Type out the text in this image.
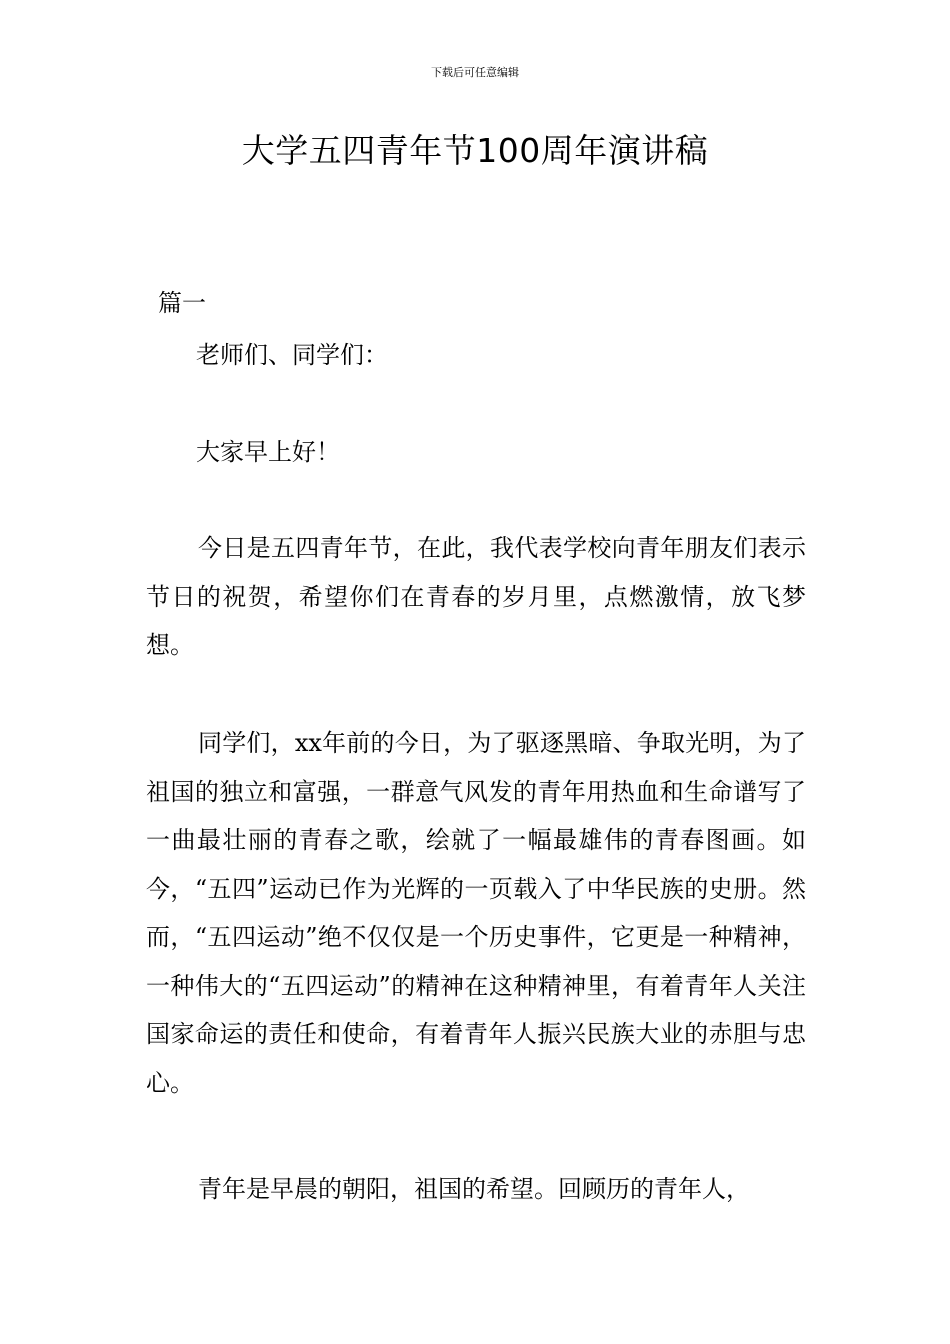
下载后可任意编辑
大学五四青年节100周年演讲稿
篇一
老师们、同学们：
大家早上好！

今日是五四青年节，在此，我代表学校向青年朋友们表示节日的祝贺，希望你们在青春的岁月里，点燃激情，放飞梦想。

同学们，xx年前的今日，为了驱逐黑暗、争取光明，为了祖国的独立和富强，一群意气风发的青年用热血和生命谱写了一曲最壮丽的青春之歌，绘就了一幅最雄伟的青春图画。如今，“五四”运动已作为光辉的一页载入了中华民族的史册。然而，“五四运动”绝不仅仅是一个历史事件，它更是一种精神，一种伟大的“五四运动”的精神在这种精神里，有着青年人关注国家命运的责任和使命，有着青年人振兴民族大业的赤胆与忠心。

青年是早晨的朝阳，祖国的希望。回顾历的青年人，
